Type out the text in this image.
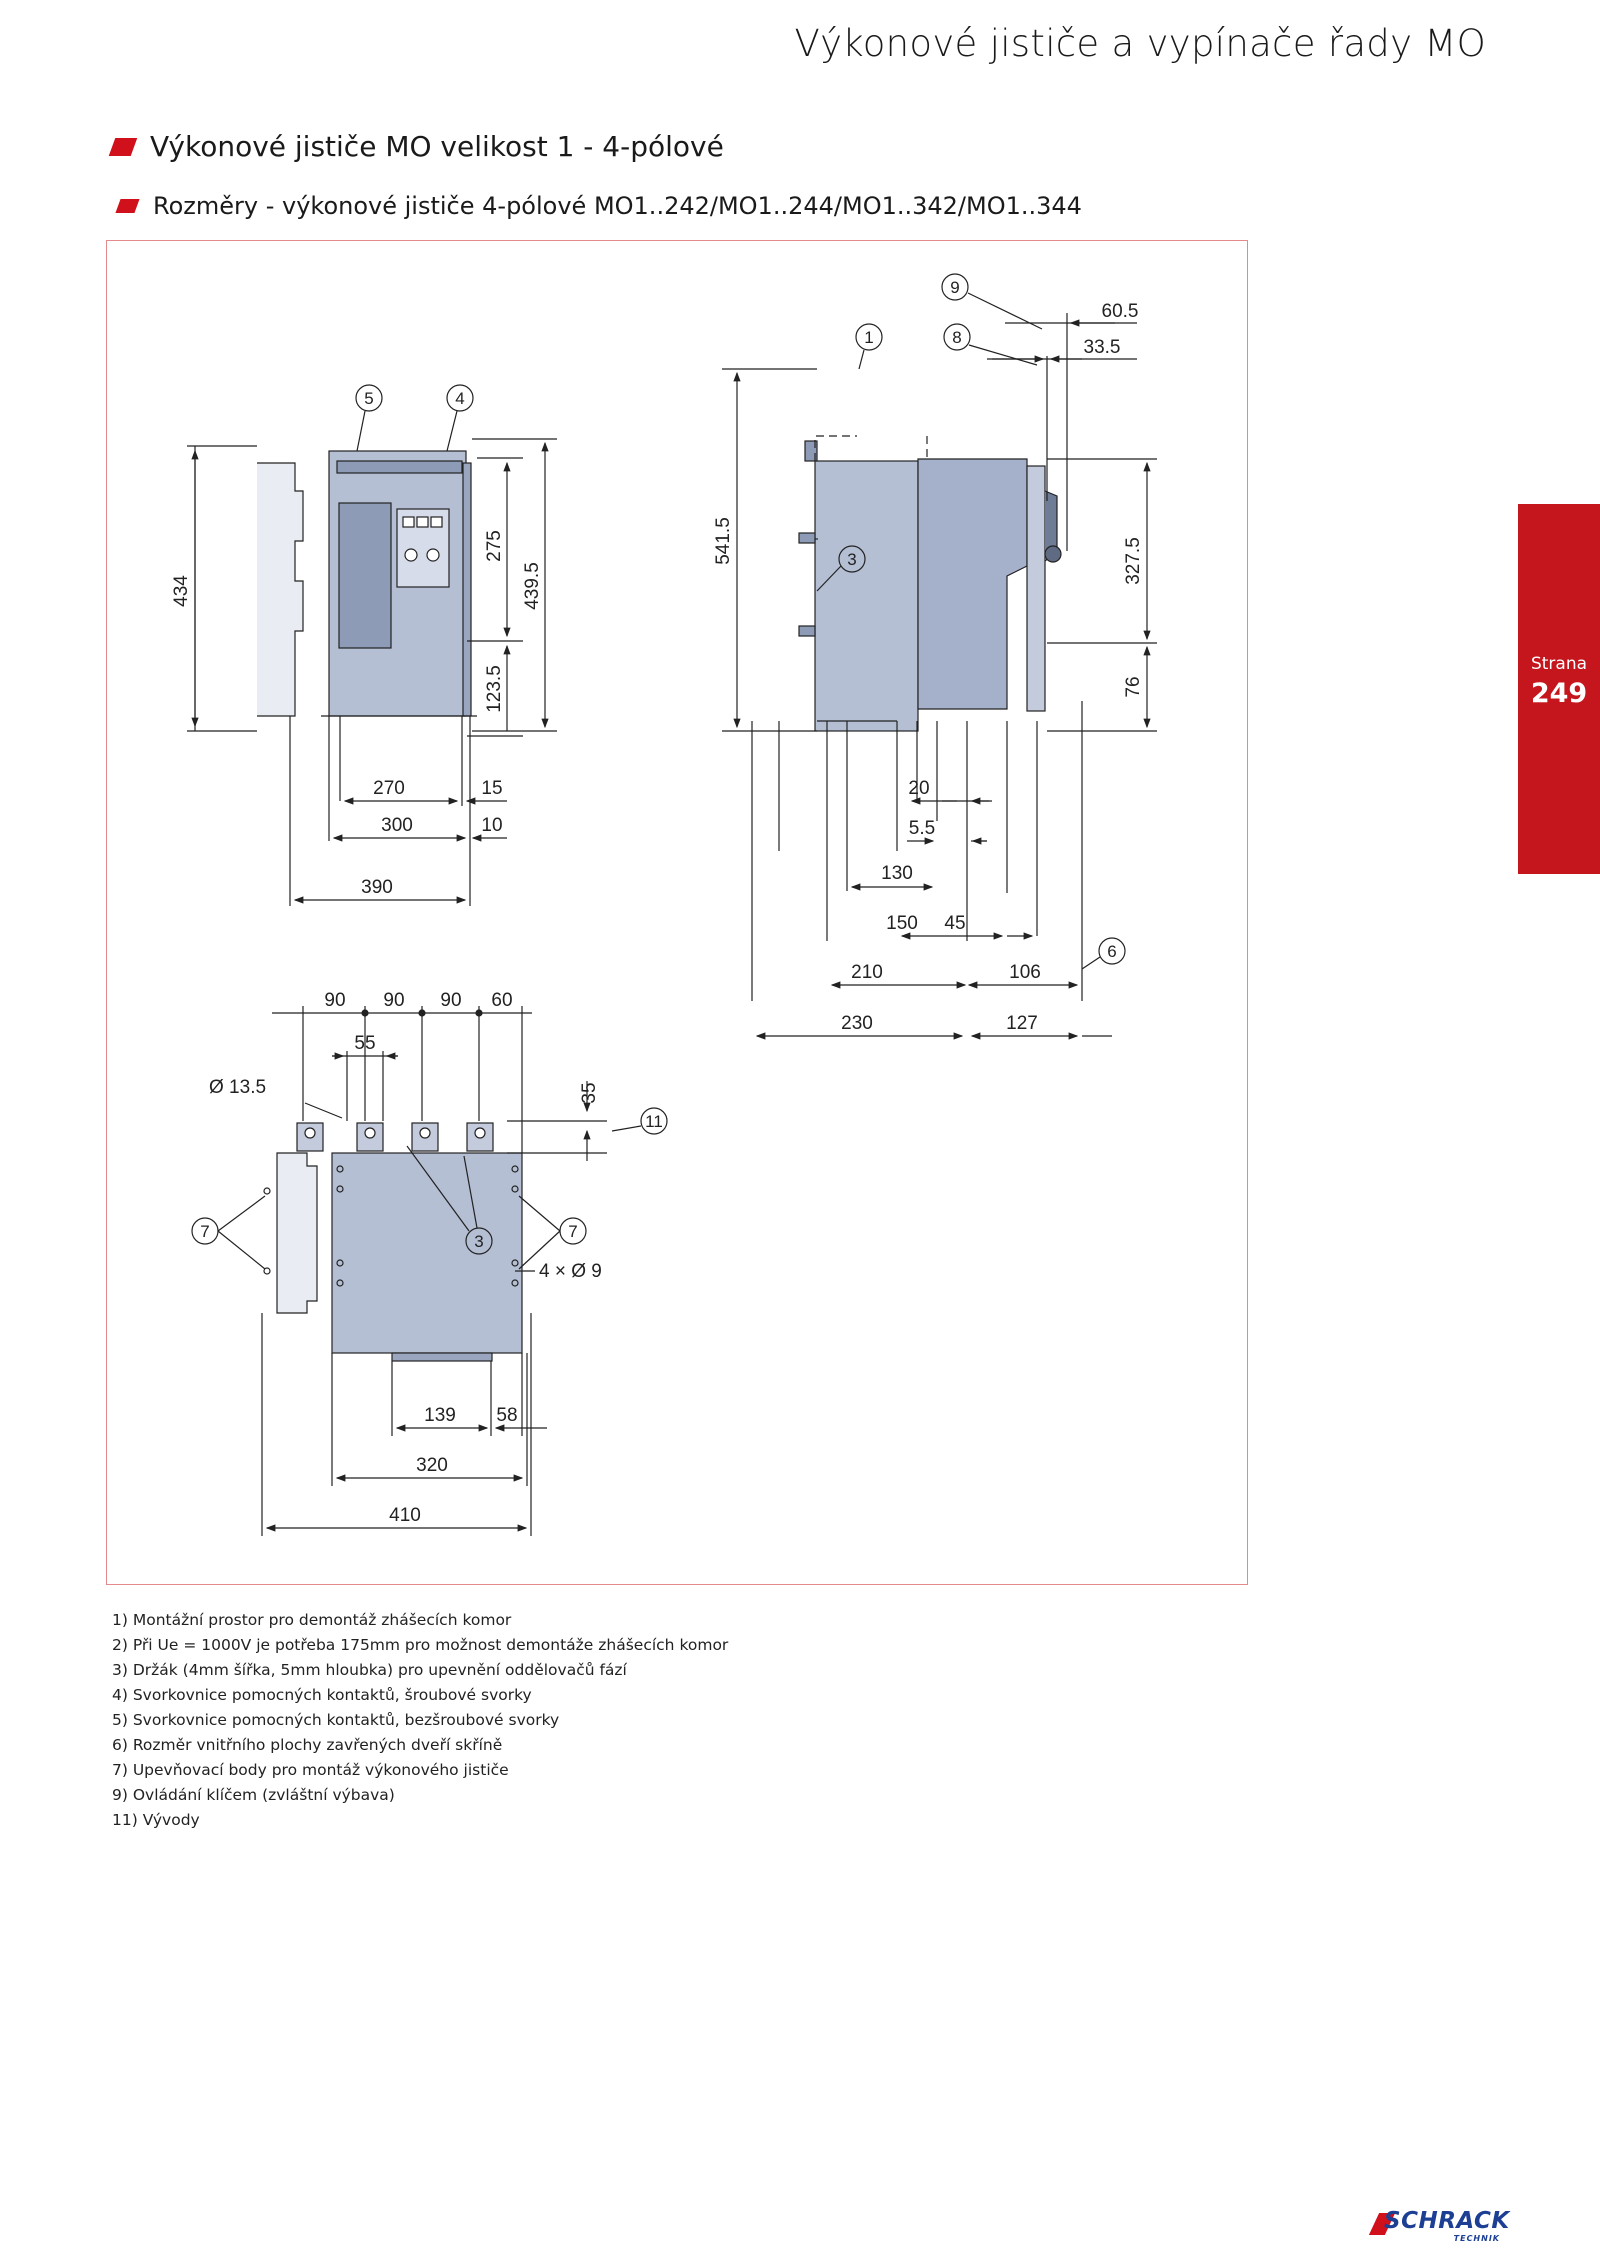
Výkonové jističe a vypínače řady MO
Výkonové jističe MO velikost 1 - 4-pólové
Rozměry - výkonové jističe 4-pólové MO1..242/MO1..244/MO1..342/MO1..344
Strana
249
434
275
439.5
123.5
270	15
300	10
390
5	4
541.5	327.5
76
60.5
33.5
20
5.5
130
150 45
210	106
230	127
1
9
8
3
6
90 90 90 60
55
Ø 13.5	35
4 × Ø 9
139 58
320
410
11
7	7
3
1) Montážní prostor pro demontáž zhášecích komor
2) Při Ue = 1000V je potřeba 175mm pro možnost demontáže zhášecích komor
3) Držák (4mm šířka, 5mm hloubka) pro upevnění oddělovačů fází
4) Svorkovnice pomocných kontaktů, šroubové svorky
5) Svorkovnice pomocných kontaktů, bezšroubové svorky
6) Rozměr vnitřního plochy zavřených dveří skříně
7) Upevňovací body pro montáž výkonového jističe
9) Ovládání klíčem (zvláštní výbava)
11) Vývody
SCHRACK
TECHNIK
